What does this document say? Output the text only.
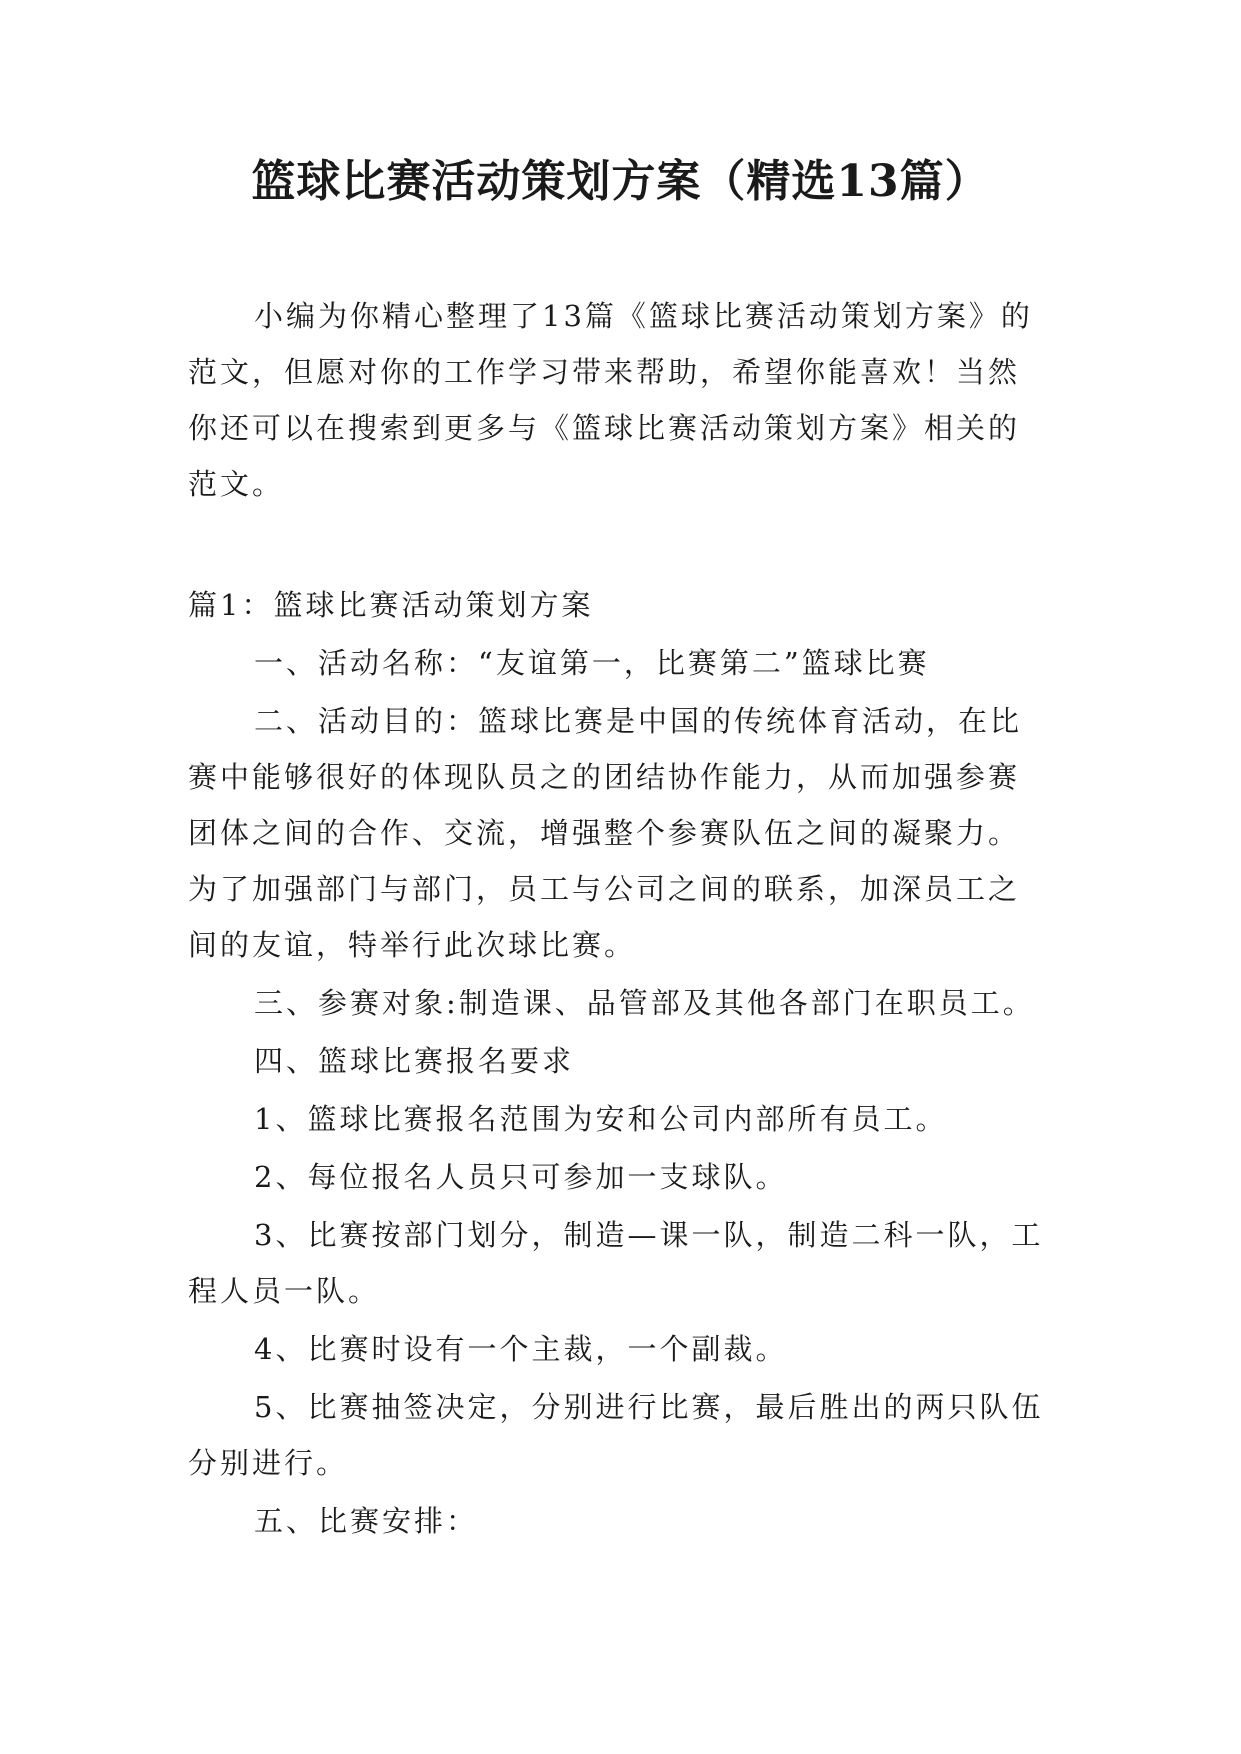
篮球比赛活动策划方案（精选13篇）

小编为你精心整理了13篇《篮球比赛活动策划方案》的范文，但愿对你的工作学习带来帮助，希望你能喜欢！当然你还可以在搜索到更多与《篮球比赛活动策划方案》相关的范文。

篇1：篮球比赛活动策划方案

一、活动名称：“友谊第一，比赛第二”篮球比赛

二、活动目的：篮球比赛是中国的传统体育活动，在比赛中能够很好的体现队员之的团结协作能力，从而加强参赛团体之间的合作、交流，增强整个参赛队伍之间的凝聚力。为了加强部门与部门，员工与公司之间的联系，加深员工之间的友谊，特举行此次球比赛。

三、参赛对象:制造课、品管部及其他各部门在职员工。

四、篮球比赛报名要求

1、篮球比赛报名范围为安和公司内部所有员工。

2、每位报名人员只可参加一支球队。

3、比赛按部门划分，制造—课一队，制造二科一队，工程人员一队。

4、比赛时设有一个主裁，一个副裁。

5、比赛抽签决定，分别进行比赛，最后胜出的两只队伍分别进行。

五、比赛安排：
